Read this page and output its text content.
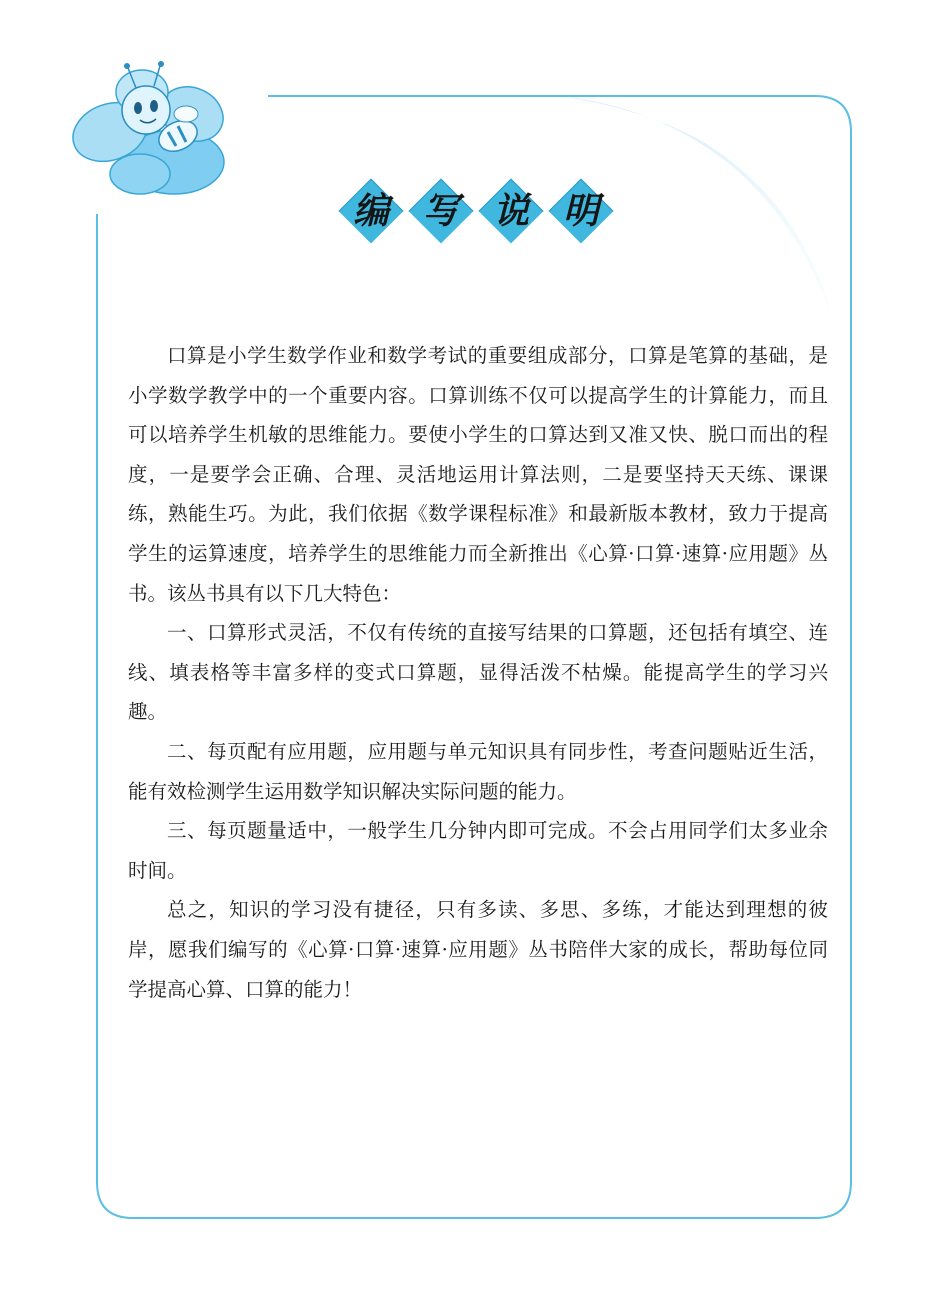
编 写 说 明

口算是小学生数学作业和数学考试的重要组成部分，口算是笔算的基础，是小学数学教学中的一个重要内容。口算训练不仅可以提高学生的计算能力，而且可以培养学生机敏的思维能力。要使小学生的口算达到又准又快、脱口而出的程度，一是要学会正确、合理、灵活地运用计算法则，二是要坚持天天练、课课练，熟能生巧。为此，我们依据《数学课程标准》和最新版本教材，致力于提高学生的运算速度，培养学生的思维能力而全新推出《心算·口算·速算·应用题》丛书。该丛书具有以下几大特色：

一、口算形式灵活，不仅有传统的直接写结果的口算题，还包括有填空、连线、填表格等丰富多样的变式口算题，显得活泼不枯燥。能提高学生的学习兴趣。

二、每页配有应用题，应用题与单元知识具有同步性，考查问题贴近生活，能有效检测学生运用数学知识解决实际问题的能力。

三、每页题量适中，一般学生几分钟内即可完成。不会占用同学们太多业余时间。

总之，知识的学习没有捷径，只有多读、多思、多练，才能达到理想的彼岸，愿我们编写的《心算·口算·速算·应用题》丛书陪伴大家的成长，帮助每位同学提高心算、口算的能力！
